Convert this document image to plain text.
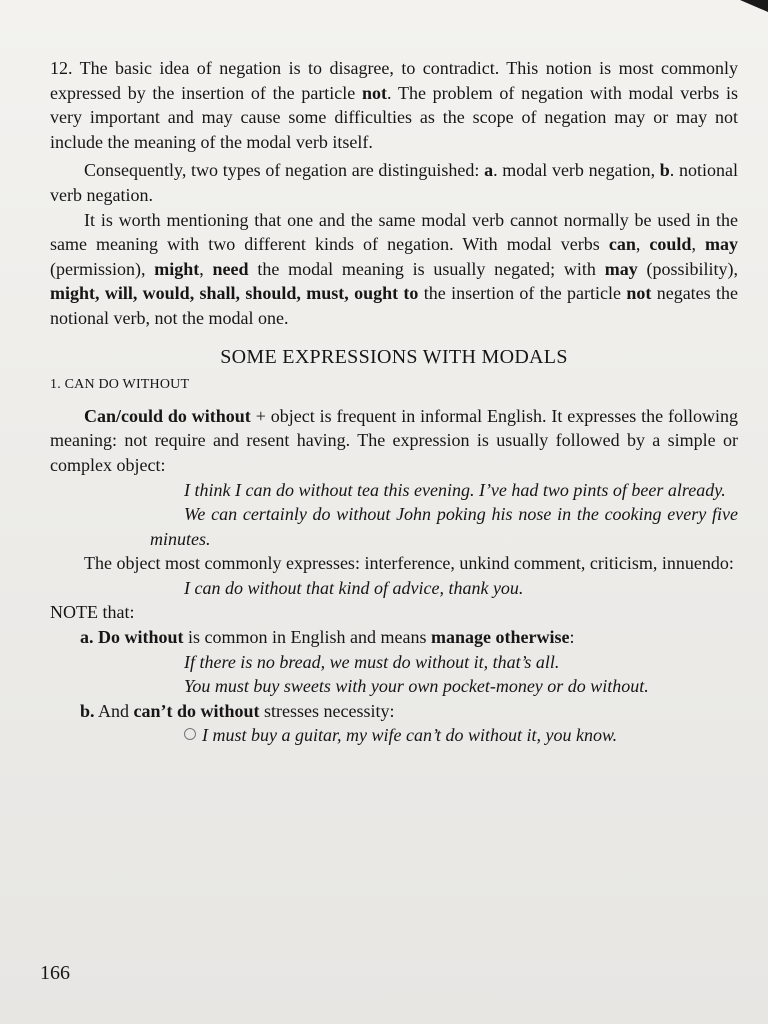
12. The basic idea of negation is to disagree, to contradict. This notion is most commonly expressed by the insertion of the particle not. The problem of negation with modal verbs is very important and may cause some difficulties as the scope of negation may or may not include the meaning of the modal verb itself.

Consequently, two types of negation are distinguished: a. modal verb negation, b. notional verb negation.

It is worth mentioning that one and the same modal verb cannot normally be used in the same meaning with two different kinds of negation. With modal verbs can, could, may (permission), might, need the modal meaning is usually negated; with may (possibility), might, will, would, shall, should, must, ought to the insertion of the particle not negates the notional verb, not the modal one.

SOME EXPRESSIONS WITH MODALS

1. CAN DO WITHOUT

Can/could do without + object is frequent in informal English. It expresses the following meaning: not require and resent having. The expression is usually followed by a simple or complex object:

I think I can do without tea this evening. I’ve had two pints of beer already.

We can certainly do without John poking his nose in the cooking every five minutes.

The object most commonly expresses: interference, unkind comment, criticism, innuendo:

I can do without that kind of advice, thank you.

NOTE that:

a. Do without is common in English and means manage otherwise:

If there is no bread, we must do without it, that’s all.

You must buy sweets with your own pocket-money or do without.

b. And can’t do without stresses necessity:

I must buy a guitar, my wife can’t do without it, you know.

166
